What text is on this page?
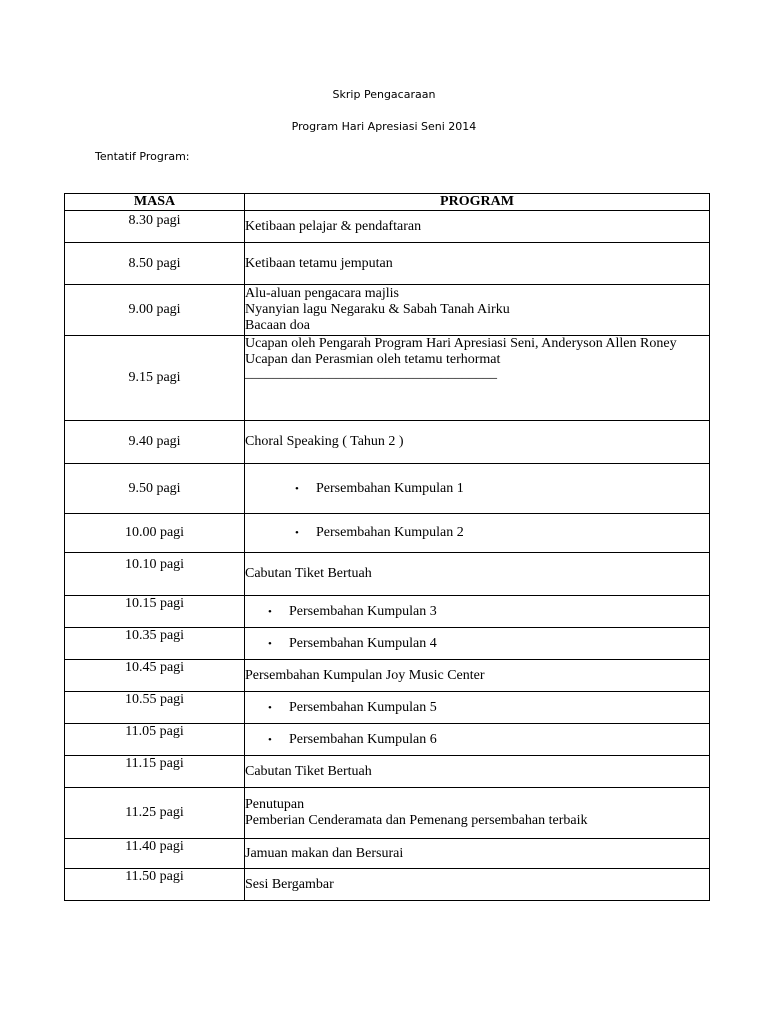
Skrip Pengacaraan
Program Hari Apresiasi Seni 2014
Tentatif Program:
MASA	PROGRAM
8.30 pagi	Ketibaan pelajar & pendaftaran

8.50 pagi	Ketibaan tetamu jemputan

9.00 pagi	Alu-aluan pengacara majlis
Nyanyian lagu Negaraku & Sabah Tanah Airku
Bacaan doa

9.15 pagi	Ucapan oleh Pengarah Program Hari Apresiasi Seni, Anderyson Allen Roney
Ucapan dan Perasmian oleh tetamu terhormat
____________________________________

9.40 pagi	Choral Speaking ( Tahun 2 )

9.50 pagi	• Persembahan Kumpulan 1

10.00 pagi	• Persembahan Kumpulan 2

10.10 pagi	Cabutan Tiket Bertuah

10.15 pagi	• Persembahan Kumpulan 3

10.35 pagi	• Persembahan Kumpulan 4

10.45 pagi	Persembahan Kumpulan Joy Music Center

10.55 pagi	• Persembahan Kumpulan 5

11.05 pagi	• Persembahan Kumpulan 6

11.15 pagi	Cabutan Tiket Bertuah

11.25 pagi	Penutupan
Pemberian Cenderamata dan Pemenang persembahan terbaik

11.40 pagi	Jamuan makan dan Bersurai

11.50 pagi	Sesi Bergambar
